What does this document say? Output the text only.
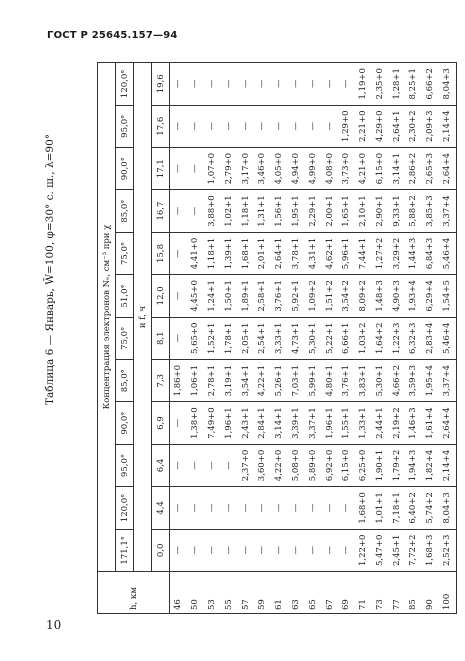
ГОСТ Р 25645.157—94
Таблица 6 — Январь, W̄=100, φ=30° с. ш., λ=90°
h, км	Концентрация электронов Nₑ, см⁻³ при χ											
	171,1°	120,0°	95,0°	90,0°	85,0°	75,0°	51,0°	75,0°	85,0°	90,0°	95,0°	120,0°
	и f, ч											
	0,0	4,4	6,4	6,9	7,3	8,1	12,0	15,8	16,7	17,1	17,6	19,6
46	—	—	—	—	1,86+0	—	—	—	—	—	—	—
50	—	—	—	1,38+0	1,06+1	5,65+0	4,45+0	4,41+0	—	—	—	—
53	—	—	—	7,49+0	2,78+1	1,52+1	1,24+1	1,18+1	3,88+0	1,07+0	—	—
55	—	—	—	1,96+1	3,19+1	1,78+1	1,50+1	1,39+1	1,02+1	2,79+0	—	—
57	—	—	2,37+0	2,43+1	3,54+1	2,05+1	1,89+1	1,68+1	1,18+1	3,17+0	—	—
59	—	—	3,60+0	2,84+1	4,22+1	2,54+1	2,58+1	2,01+1	1,31+1	3,46+0	—	—
61	—	—	4,22+0	3,14+1	5,26+1	3,33+1	3,76+1	2,64+1	1,56+1	4,05+0	—	—
63	—	—	5,08+0	3,39+1	7,03+1	4,73+1	5,92+1	3,78+1	1,95+1	4,94+0	—	—
65	—	—	5,89+0	3,37+1	5,99+1	5,30+1	1,09+2	4,31+1	2,29+1	4,99+0	—	—
67	—	—	6,92+0	1,96+1	4,80+1	5,22+1	1,51+2	4,62+1	2,00+1	4,08+0	—	—
69	—	—	6,15+0	1,55+1	3,76+1	6,66+1	3,54+2	5,96+1	1,65+1	3,73+0	1,29+0	—
71	1,22+0	1,68+0	6,25+0	1,33+1	3,83+1	1,03+2	8,09+2	7,44+1	2,10+1	4,21+0	2,21+0	1,19+0
73	5,47+0	1,01+1	1,90+1	2,44+1	5,30+1	1,64+2	1,48+3	1,27+2	2,90+1	6,15+0	4,29+0	2,35+0
77	2,45+1	7,18+1	1,79+2	2,19+2	4,66+2	1,22+3	4,90+3	3,29+2	9,33+1	3,14+1	2,64+1	1,28+1
85	7,72+2	6,40+2	1,94+3	1,46+3	3,59+3	6,32+3	1,93+4	1,44+3	5,88+2	2,86+2	2,30+2	8,25+1
90	1,68+3	5,74+2	1,82+4	1,61+4	1,95+4	2,83+4	6,29+4	6,84+3	3,85+3	2,65+3	2,09+3	6,66+2
100	2,52+3	8,04+3	2,14+4	2,64+4	3,37+4	5,46+4	1,54+5	5,46+4	3,37+4	2,64+4	2,14+4	8,04+3
10
